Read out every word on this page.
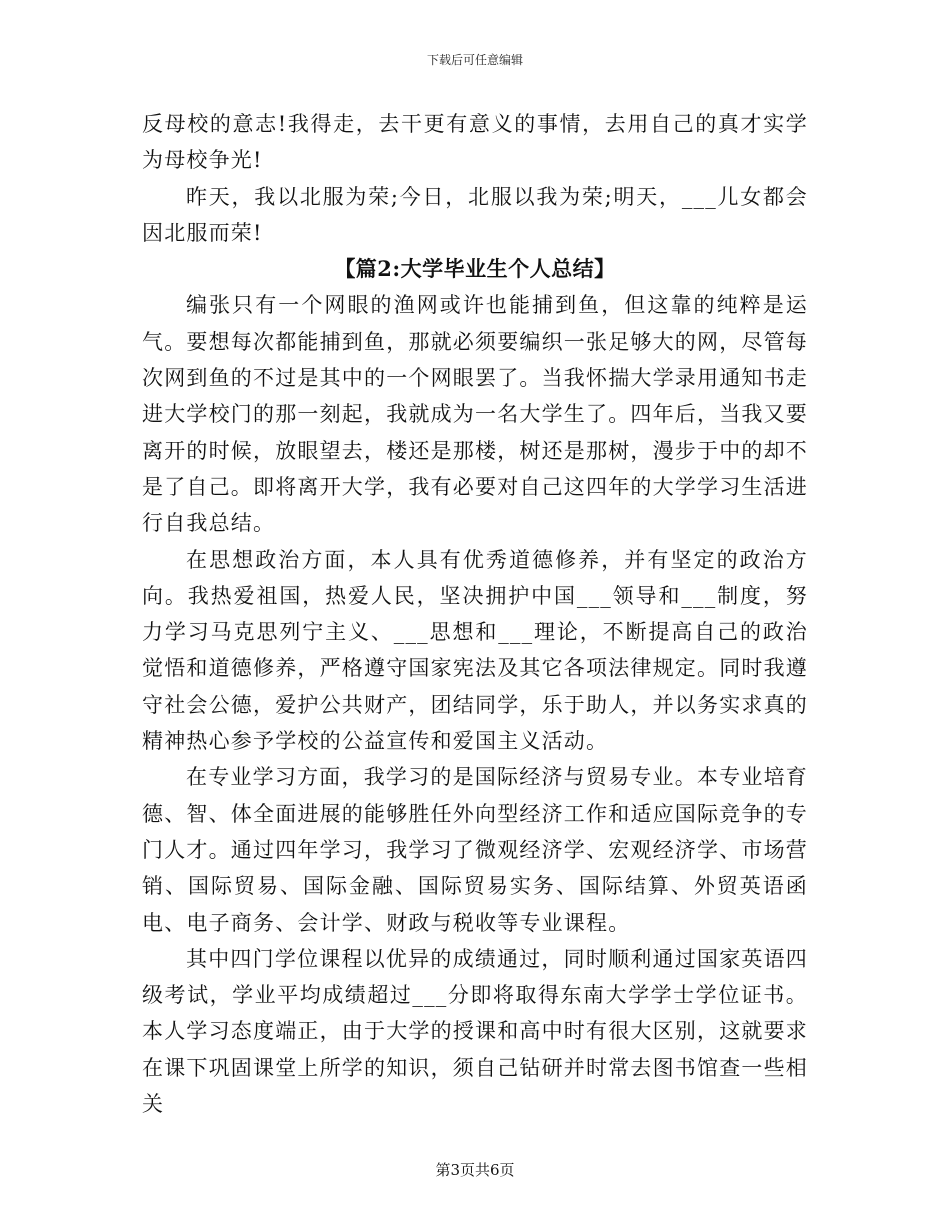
下载后可任意编辑

反母校的意志!我得走，去干更有意义的事情，去用自己的真才实学为母校争光!

昨天，我以北服为荣;今日，北服以我为荣;明天，___儿女都会因北服而荣!

【篇2:大学毕业生个人总结】

编张只有一个网眼的渔网或许也能捕到鱼，但这靠的纯粹是运气。要想每次都能捕到鱼，那就必须要编织一张足够大的网，尽管每次网到鱼的不过是其中的一个网眼罢了。当我怀揣大学录用通知书走进大学校门的那一刻起，我就成为一名大学生了。四年后，当我又要离开的时候，放眼望去，楼还是那楼，树还是那树，漫步于中的却不是了自己。即将离开大学，我有必要对自己这四年的大学学习生活进行自我总结。

在思想政治方面，本人具有优秀道德修养，并有坚定的政治方向。我热爱祖国，热爱人民，坚决拥护中国___领导和___制度，努力学习马克思列宁主义、___思想和___理论，不断提高自己的政治觉悟和道德修养，严格遵守国家宪法及其它各项法律规定。同时我遵守社会公德，爱护公共财产，团结同学，乐于助人，并以务实求真的精神热心参予学校的公益宣传和爱国主义活动。

在专业学习方面，我学习的是国际经济与贸易专业。本专业培育德、智、体全面进展的能够胜任外向型经济工作和适应国际竞争的专门人才。通过四年学习，我学习了微观经济学、宏观经济学、市场营销、国际贸易、国际金融、国际贸易实务、国际结算、外贸英语函电、电子商务、会计学、财政与税收等专业课程。

其中四门学位课程以优异的成绩通过，同时顺利通过国家英语四级考试，学业平均成绩超过___分即将取得东南大学学士学位证书。本人学习态度端正，由于大学的授课和高中时有很大区别，这就要求在课下巩固课堂上所学的知识，须自己钻研并时常去图书馆查一些相关

第3页共6页
